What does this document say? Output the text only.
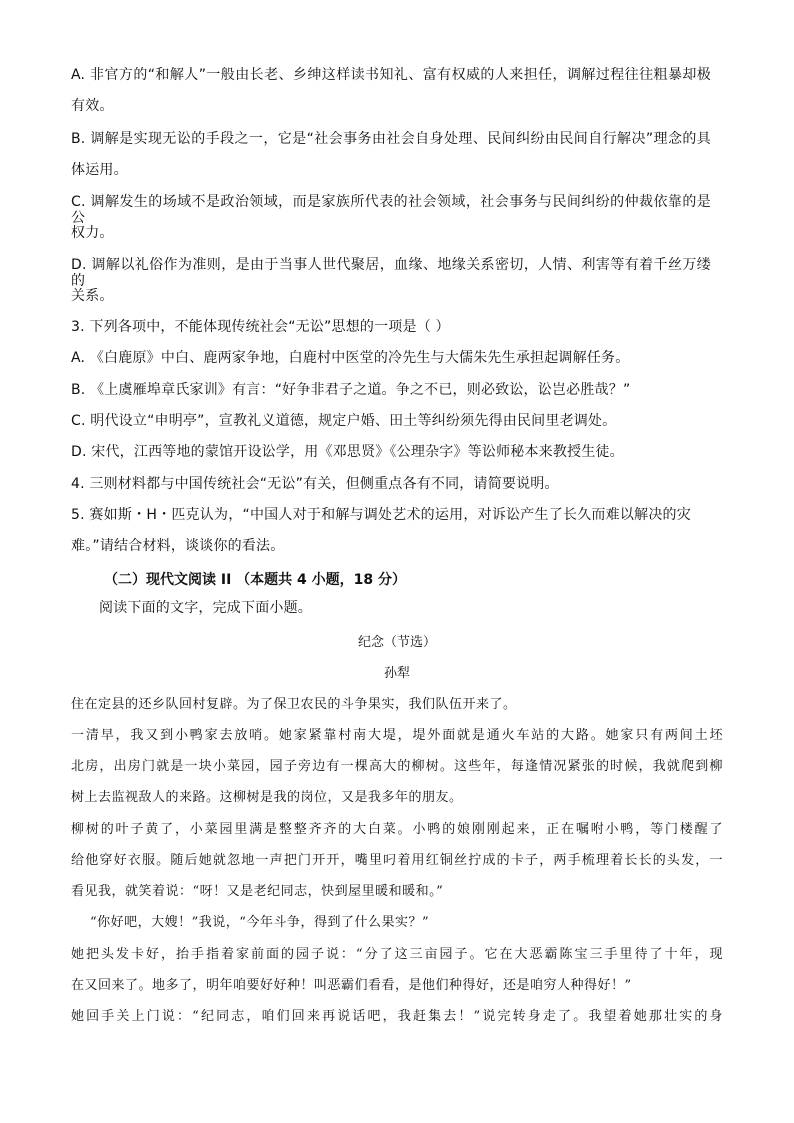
A. 非官方的“和解人”一般由长老、乡绅这样读书知礼、富有权威的人来担任，调解过程往往粗暴却极
有效。
B. 调解是实现无讼的手段之一，它是“社会事务由社会自身处理、民间纠纷由民间自行解决”理念的具
体运用。
C. 调解发生的场域不是政治领域，而是家族所代表的社会领域，社会事务与民间纠纷的仲裁依靠的是公
权力。
D. 调解以礼俗作为准则，是由于当事人世代聚居，血缘、地缘关系密切，人情、利害等有着千丝万缕的
关系。
3. 下列各项中，不能体现传统社会“无讼”思想的一项是（ ）
A. 《白鹿原》中白、鹿两家争地，白鹿村中医堂的冷先生与大儒朱先生承担起调解任务。
B. 《上虞雁埠章氏家训》有言：“好争非君子之道。争之不已，则必致讼，讼岂必胜哉？”
C. 明代设立“申明亭”，宣教礼义道德，规定户婚、田土等纠纷须先得由民间里老调处。
D. 宋代，江西等地的蒙馆开设讼学，用《邓思贤》《公理杂字》等讼师秘本来教授生徒。
4. 三则材料都与中国传统社会“无讼”有关，但侧重点各有不同，请简要说明。
5. 赛如斯・H・匹克认为，“中国人对于和解与调处艺术的运用，对诉讼产生了长久而难以解决的灾
难。”请结合材料，谈谈你的看法。
（二）现代文阅读 II （本题共 4 小题，18 分）
阅读下面的文字，完成下面小题。
纪念（节选）
孙犁
住在定县的还乡队回村复辟。为了保卫农民的斗争果实，我们队伍开来了。
一清早，我又到小鸭家去放哨。她家紧靠村南大堤，堤外面就是通火车站的大路。她家只有两间土坯
北房，出房门就是一块小菜园，园子旁边有一棵高大的柳树。这些年，每逢情况紧张的时候，我就爬到柳
树上去监视敌人的来路。这柳树是我的岗位，又是我多年的朋友。
柳树的叶子黄了，小菜园里满是整整齐齐的大白菜。小鸭的娘刚刚起来，正在嘱咐小鸭，等门楼醒了
给他穿好衣服。随后她就忽地一声把门开开，嘴里叼着用红铜丝拧成的卡子，两手梳理着长长的头发，一
看见我，就笑着说：“呀！又是老纪同志，快到屋里暖和暖和。”
“你好吧，大嫂！”我说，“今年斗争，得到了什么果实？”
她把头发卡好，抬手指着家前面的园子说：“分了这三亩园子。它在大恶霸陈宝三手里待了十年，现
在又回来了。地多了，明年咱要好好种！叫恶霸们看看，是他们种得好，还是咱穷人种得好！”
她回手关上门说：“纪同志，咱们回来再说话吧，我赶集去！”说完转身走了。我望着她那壮实的身
